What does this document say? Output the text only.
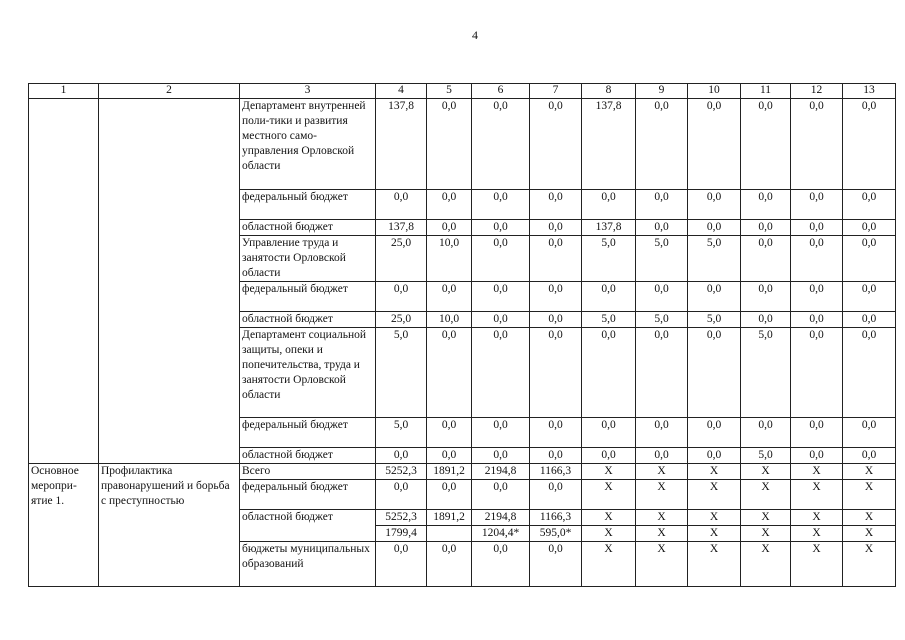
4
1	2	3	4	5	6	7	8	9	10	11	12	13
		Департамент внутренней поли-тики и развития местного само-управления Орловской области	137,8	0,0	0,0	0,0	137,8	0,0	0,0	0,0	0,0	0,0
		федеральный бюджет	0,0	0,0	0,0	0,0	0,0	0,0	0,0	0,0	0,0	0,0
		областной бюджет	137,8	0,0	0,0	0,0	137,8	0,0	0,0	0,0	0,0	0,0
		Управление труда и занятости Орловской области	25,0	10,0	0,0	0,0	5,0	5,0	5,0	0,0	0,0	0,0
		федеральный бюджет	0,0	0,0	0,0	0,0	0,0	0,0	0,0	0,0	0,0	0,0
		областной бюджет	25,0	10,0	0,0	0,0	5,0	5,0	5,0	0,0	0,0	0,0
		Департамент социальной защиты, опеки и попечительства, труда и занятости Орловской области	5,0	0,0	0,0	0,0	0,0	0,0	0,0	5,0	0,0	0,0
		федеральный бюджет	5,0	0,0	0,0	0,0	0,0	0,0	0,0	0,0	0,0	0,0
		областной бюджет	0,0	0,0	0,0	0,0	0,0	0,0	0,0	5,0	0,0	0,0
Основное меропри-ятие 1.	Профилактика правонарушений и борьба с преступностью	Всего	5252,3	1891,2	2194,8	1166,3	X	X	X	X	X	X
		федеральный бюджет	0,0	0,0	0,0	0,0	X	X	X	X	X	X
		областной бюджет	5252,3	1891,2	2194,8	1166,3	X	X	X	X	X	X
			1799,4		1204,4*	595,0*	X	X	X	X	X	X
		бюджеты муниципальных образований	0,0	0,0	0,0	0,0	X	X	X	X	X	X
